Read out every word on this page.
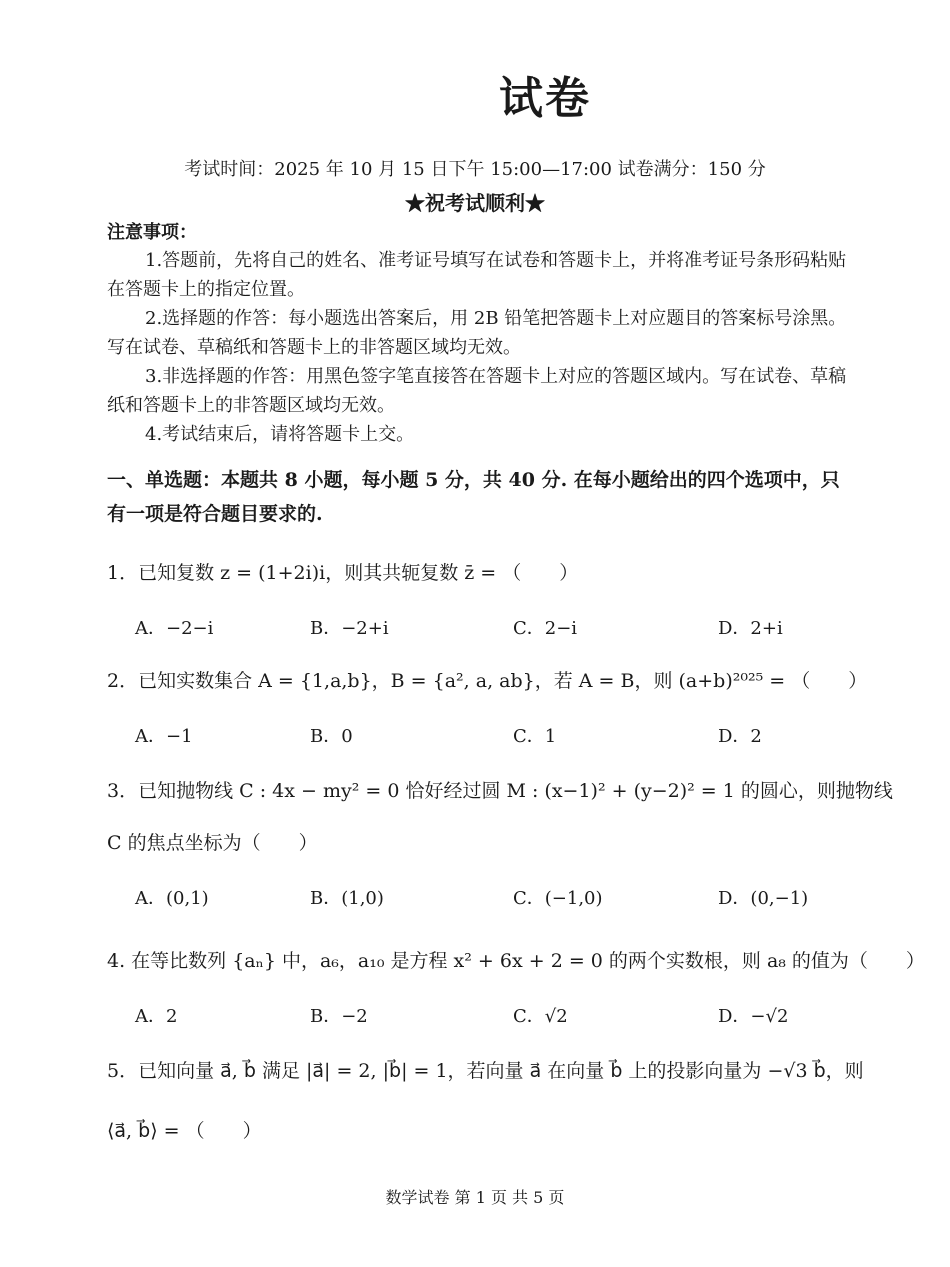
试卷
考试时间：2025 年 10 月 15 日下午 15:00—17:00 试卷满分：150 分
★祝考试顺利★
注意事项：
1.答题前，先将自己的姓名、准考证号填写在试卷和答题卡上，并将准考证号条形码粘贴在答题卡上的指定位置。
2.选择题的作答：每小题选出答案后，用 2B 铅笔把答题卡上对应题目的答案标号涂黑。写在试卷、草稿纸和答题卡上的非答题区域均无效。
3.非选择题的作答：用黑色签字笔直接答在答题卡上对应的答题区域内。写在试卷、草稿纸和答题卡上的非答题区域均无效。
4.考试结束后，请将答题卡上交。
一、单选题：本题共 8 小题，每小题 5 分，共 40 分. 在每小题给出的四个选项中，只有一项是符合题目要求的.
1．已知复数 z = (1+2i)i，则其共轭复数 z̄ = （　　）
A．−2−i	B．−2+i	C．2−i	D．2+i
2．已知实数集合 A = {1,a,b}，B = {a², a, ab}，若 A = B，则 (a+b)²⁰²⁵ = （　　）
A．−1	B．0	C．1	D．2
3．已知抛物线 C : 4x − my² = 0 恰好经过圆 M : (x−1)² + (y−2)² = 1 的圆心，则抛物线
C 的焦点坐标为（　　）
A．(0,1)	B．(1,0)	C．(−1,0)	D．(0,−1)
4. 在等比数列 {aₙ} 中，a₆，a₁₀ 是方程 x² + 6x + 2 = 0 的两个实数根，则 a₈ 的值为（　　）
A．2	B．−2	C．√2	D．−√2
5．已知向量 a⃗, b⃗ 满足 |a⃗| = 2, |b⃗| = 1，若向量 a⃗ 在向量 b⃗ 上的投影向量为 −√3 b⃗，则
⟨a⃗, b⃗⟩ = （　　）
数学试卷 第 1 页 共 5 页
